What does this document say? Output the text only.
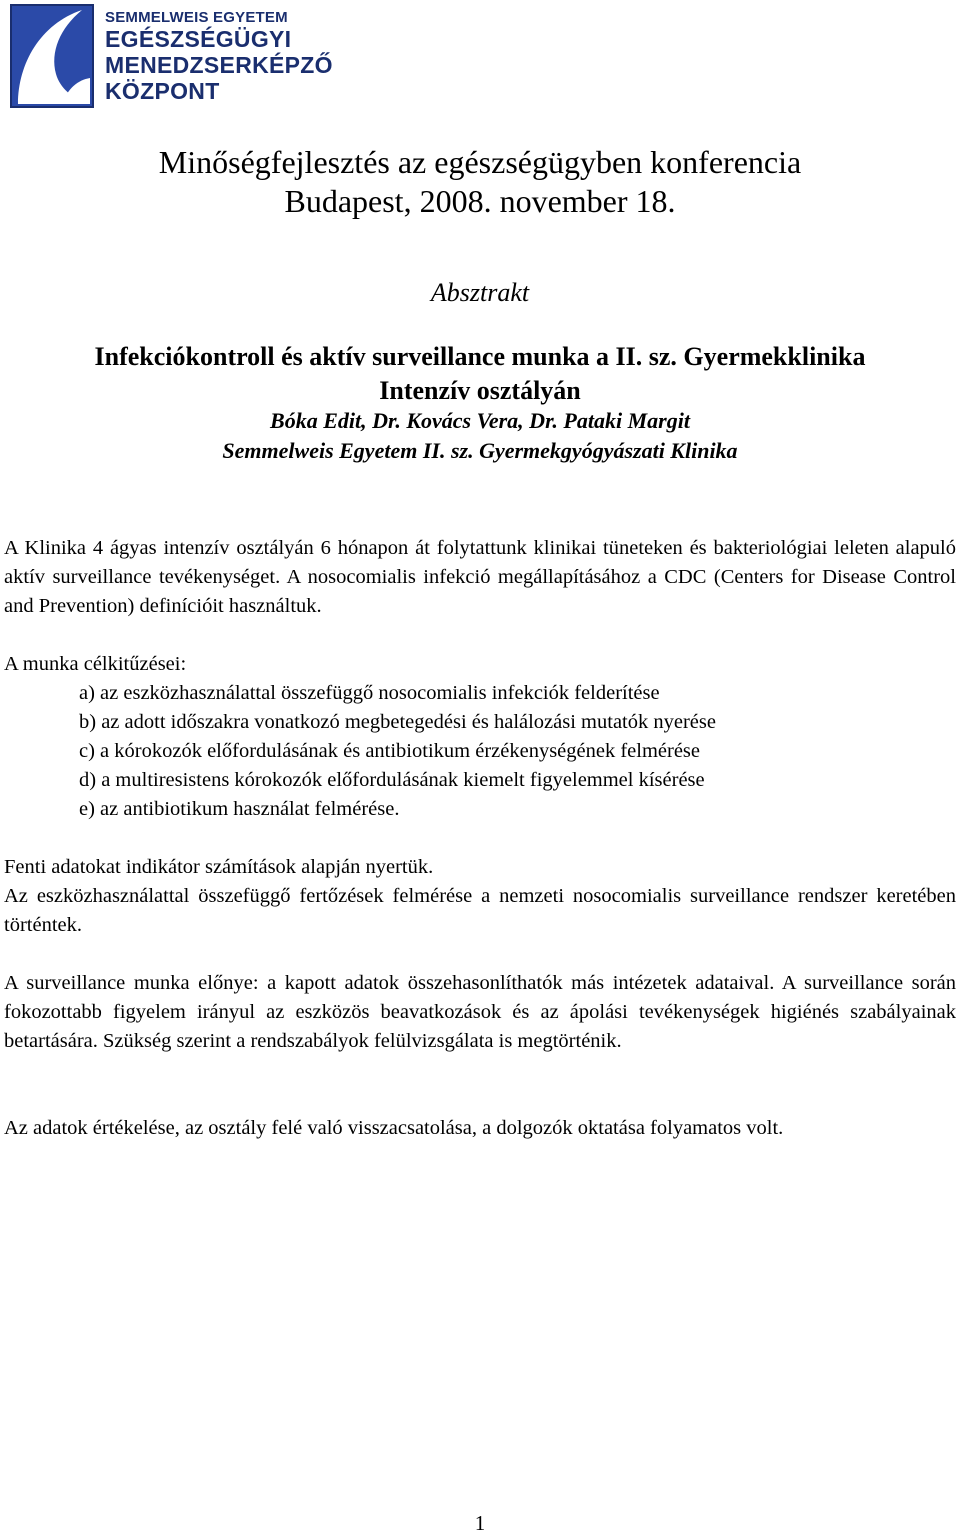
SEMMELWEIS EGYETEM
EGÉSZSÉGÜGYI
MENEDZSERKÉPZŐ
KÖZPONT
Minőségfejlesztés az egészségügyben konferencia
Budapest, 2008. november 18.
Absztrakt
Infekciókontroll és aktív surveillance munka a II. sz. Gyermekklinika
Intenzív osztályán
Bóka Edit, Dr. Kovács Vera, Dr. Pataki Margit
Semmelweis Egyetem II. sz. Gyermekgyógyászati Klinika
A Klinika 4 ágyas intenzív osztályán 6 hónapon át folytattunk klinikai tüneteken és bakteriológiai leleten alapuló aktív surveillance tevékenységet. A nosocomialis infekció megállapításához a CDC (Centers for Disease Control and Prevention) definícióit használtuk.
A munka célkitűzései:
a) az eszközhasználattal összefüggő nosocomialis infekciók felderítése
b) az adott időszakra vonatkozó megbetegedési és halálozási mutatók nyerése
c) a kórokozók előfordulásának és antibiotikum érzékenységének felmérése
d) a multiresistens kórokozók előfordulásának kiemelt figyelemmel kísérése
e) az antibiotikum használat felmérése.
Fenti adatokat indikátor számítások alapján nyertük.
Az eszközhasználattal összefüggő fertőzések felmérése a nemzeti nosocomialis surveillance rendszer keretében történtek.
A surveillance munka előnye: a kapott adatok összehasonlíthatók más intézetek adataival. A surveillance során fokozottabb figyelem irányul az eszközös beavatkozások és az ápolási tevékenységek higiénés szabályainak betartására. Szükség szerint a rendszabályok felülvizsgálata is megtörténik.
Az adatok értékelése, az osztály felé való visszacsatolása, a dolgozók oktatása folyamatos volt.
1
